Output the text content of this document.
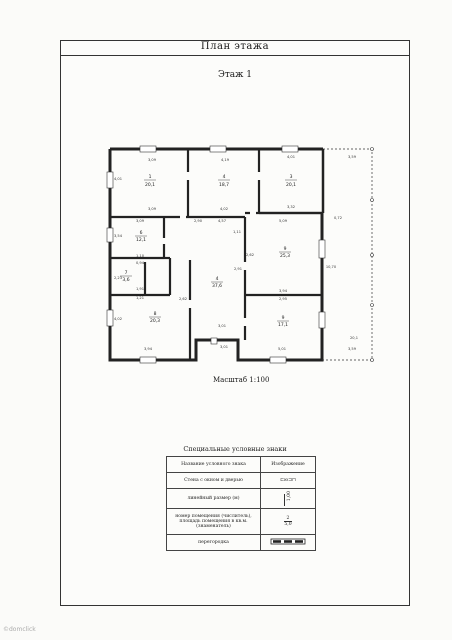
План этажа
Этаж 1
1
20,1
4
18,7
3
20,1
6
12,1
4
37,6
9
25,3
7
3,6
8
20,3
9
17,1
3,09	4,19
4,01	3,59
4,01
3,54
2,23
4,02
3,09	4,02	3,32
3,09	2,90	4,57
3,94
3,01
5,01
3,01
10,70
1,10
0,94
1,91
1,21	2,62
2,91
5,09
3,94
2,62
2,95
20,1
3,59
0,72
1,11
Масштаб 1:100
Специальные условные знаки
Название условного знака	Изображение
Стена с окном и дверью	⊏ю⊐⊓
линейный размер (м)	1,00
номер помещения (числитель), площадь помещения в кв.м. (знаменатель)	$\frac{2}{5,0}$
перегородка	
©domclick
